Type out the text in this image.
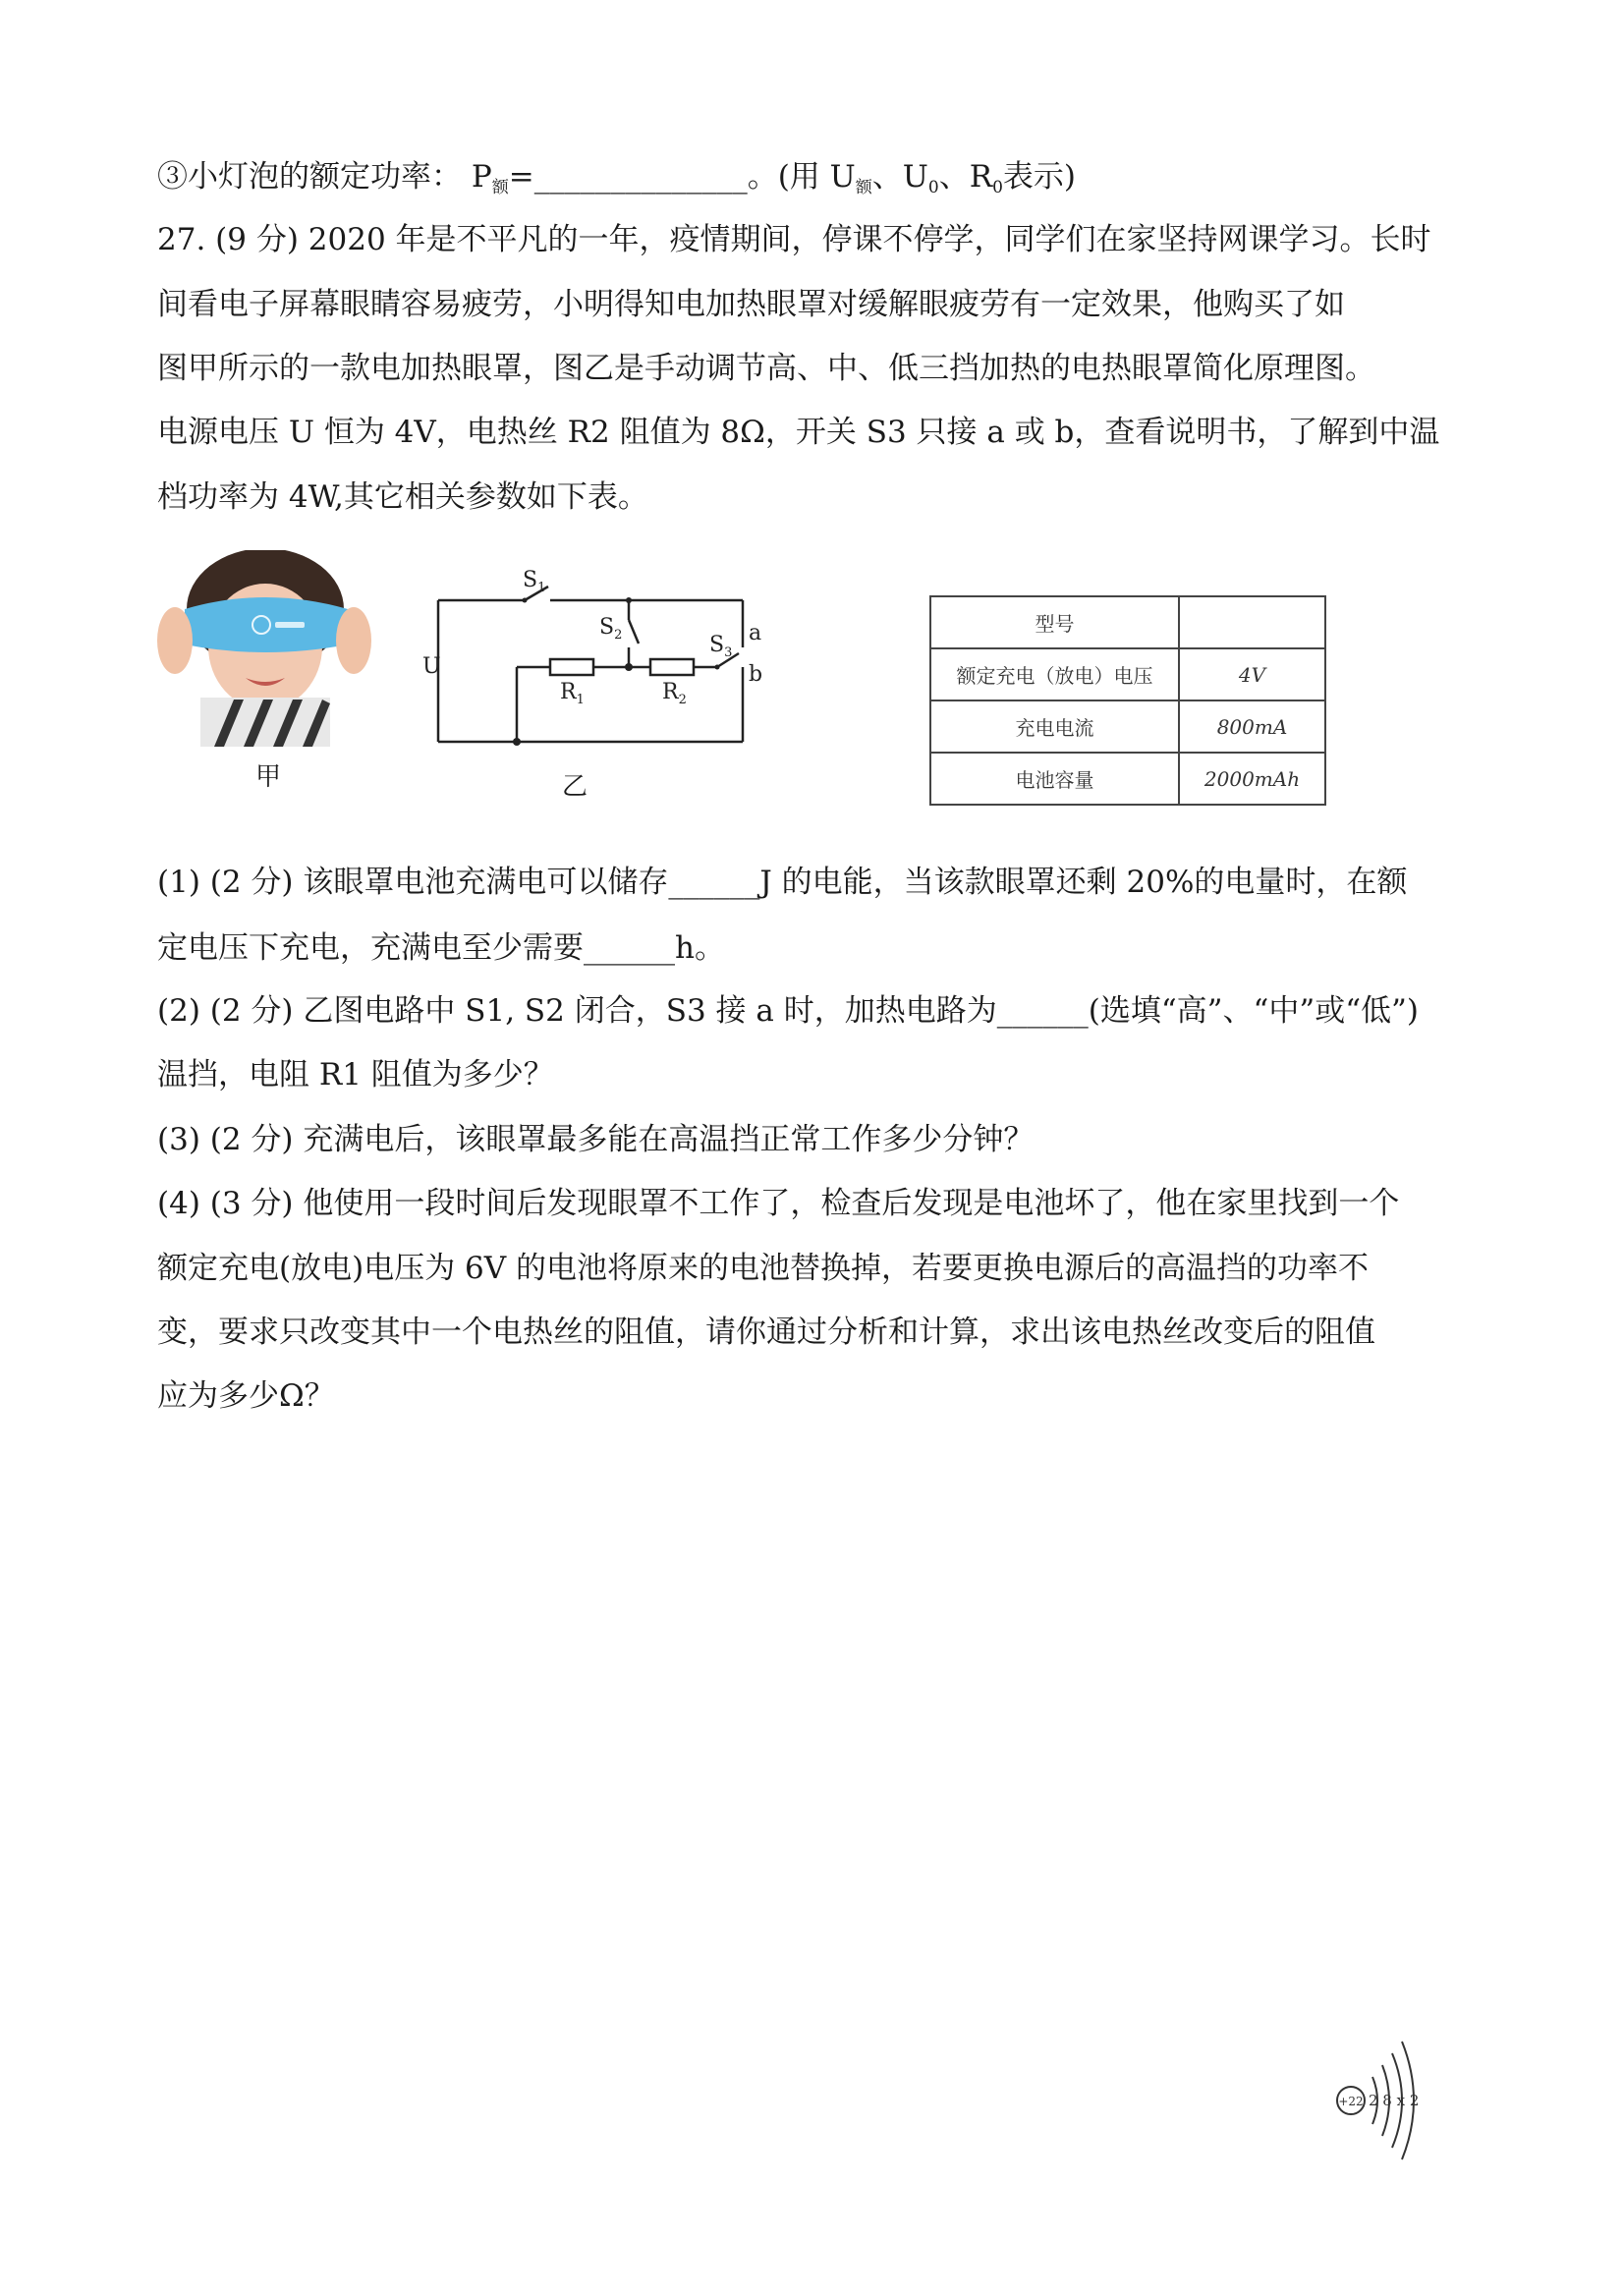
③小灯泡的额定功率： $P_额=\_\_\_\_\_\_\_\_\_\_\_\_\_\_$。(用 $U_额$、$U_0$、$R_0$表示)
27. (9 分) 2020 年是不平凡的一年，疫情期间，停课不停学，同学们在家坚持网课学习。长时
间看电子屏幕眼睛容易疲劳，小明得知电加热眼罩对缓解眼疲劳有一定效果，他购买了如
图甲所示的一款电加热眼罩，图乙是手动调节高、中、低三挡加热的电热眼罩简化原理图。
电源电压 U 恒为 4V，电热丝 R2 阻值为 8Ω，开关 S3 只接 a 或 b，查看说明书，了解到中温
档功率为 4W,其它相关参数如下表。
甲
U
$S_1$
$S_2$	$S_3$
$R_1$	$R_2$
a
b
乙
型号	
额定充电（放电）电压	4V
充电电流	800mA
电池容量	2000mAh
(1) (2 分) 该眼罩电池充满电可以储存______J 的电能，当该款眼罩还剩 20%的电量时，在额
定电压下充电，充满电至少需要______h。
(2) (2 分) 乙图电路中 S1, S2 闭合，S3 接 a 时，加热电路为______(选填“高”、“中”或“低”)
温挡，电阻 R1 阻值为多少？
(3) (2 分) 充满电后，该眼罩最多能在高温挡正常工作多少分钟？
(4) (3 分) 他使用一段时间后发现眼罩不工作了，检查后发现是电池坏了，他在家里找到一个
额定充电(放电)电压为 6V 的电池将原来的电池替换掉，若要更换电源后的高温挡的功率不
变，要求只改变其中一个电热丝的阻值，请你通过分析和计算，求出该电热丝改变后的阻值
应为多少Ω？
+22 2 8 x 2
